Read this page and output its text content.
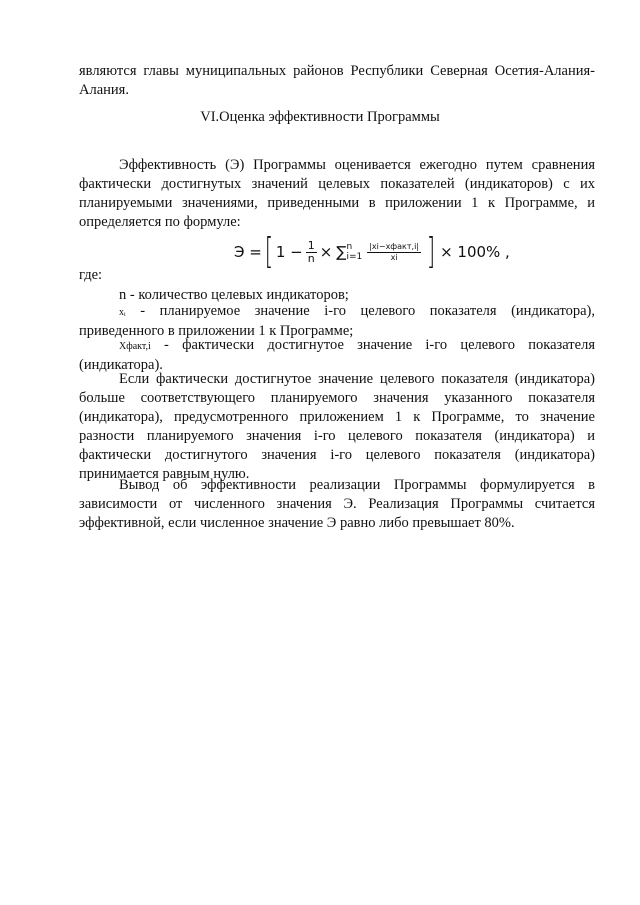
являются главы муниципальных районов Республики Северная Осетия-Алания-Алания.
VI.Оценка эффективности Программы
Эффективность (Э) Программы оценивается ежегодно путем сравнения фактически достигнутых значений целевых показателей (индикаторов) с их планируемыми значениями, приведенными в приложении 1 к Программе, и определяется по формуле:
Э = [ $1 - \frac{1}{n}$ × ∑ n
$i=1 \frac{\text{|xi−xфакт,i|}}{xi}$ ] × 100% ,
где:
n - количество целевых индикаторов;
xᵢ - планируемое значение i-го целевого показателя (индикатора), приведенного в приложении 1 к Программе;
Xфакт,i - фактически достигнутое значение i-го целевого показателя (индикатора).
Если фактически достигнутое значение целевого показателя (индикатора) больше соответствующего планируемого значения указанного показателя (индикатора), предусмотренного приложением 1 к Программе, то значение разности планируемого значения i-го целевого показателя (индикатора) и фактически достигнутого значения i-го целевого показателя (индикатора) принимается равным нулю.
Вывод об эффективности реализации Программы формулируется в зависимости от численного значения Э. Реализация Программы считается эффективной, если численное значение Э равно либо превышает 80%.
